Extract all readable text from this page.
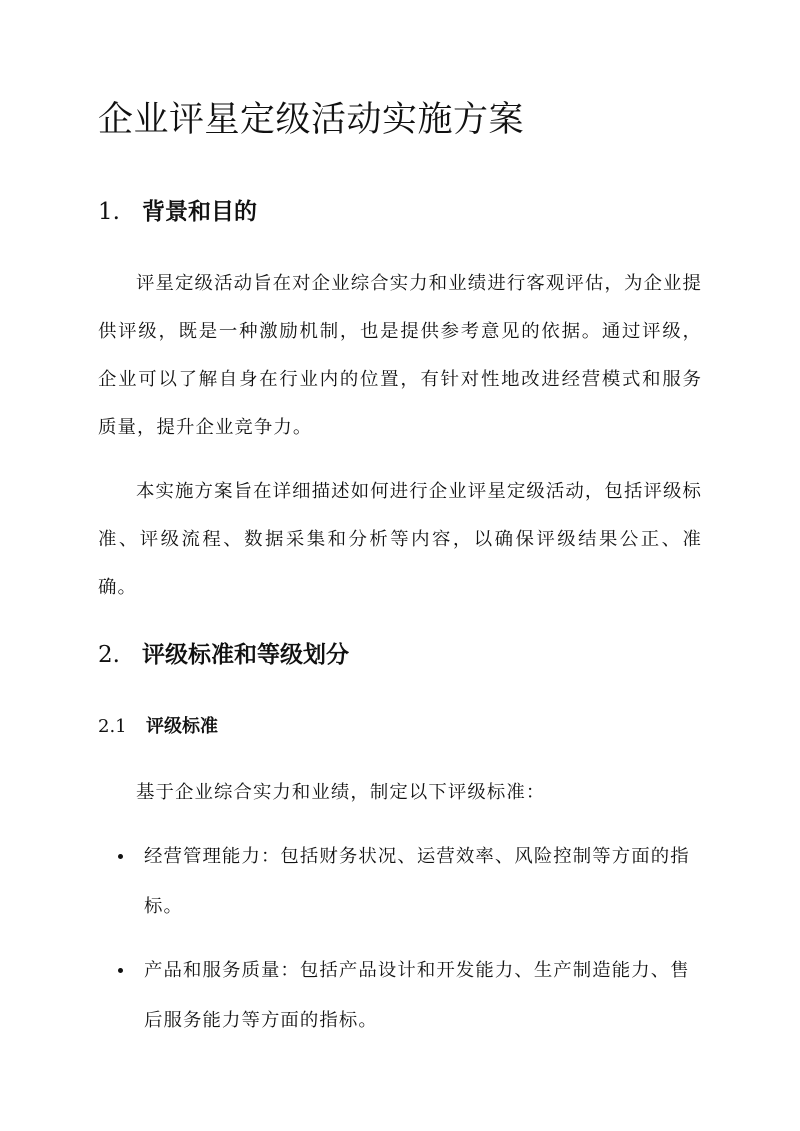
企业评星定级活动实施方案
1. 背景和目的

评星定级活动旨在对企业综合实力和业绩进行客观评估，为企业提供评级，既是一种激励机制，也是提供参考意见的依据。通过评级，企业可以了解自身在行业内的位置，有针对性地改进经营模式和服务质量，提升企业竞争力。

本实施方案旨在详细描述如何进行企业评星定级活动，包括评级标准、评级流程、数据采集和分析等内容，以确保评级结果公正、准确。

2. 评级标准和等级划分
2.1 评级标准

基于企业综合实力和业绩，制定以下评级标准：

经营管理能力：包括财务状况、运营效率、风险控制等方面的指标。
产品和服务质量：包括产品设计和开发能力、生产制造能力、售后服务能力等方面的指标。
